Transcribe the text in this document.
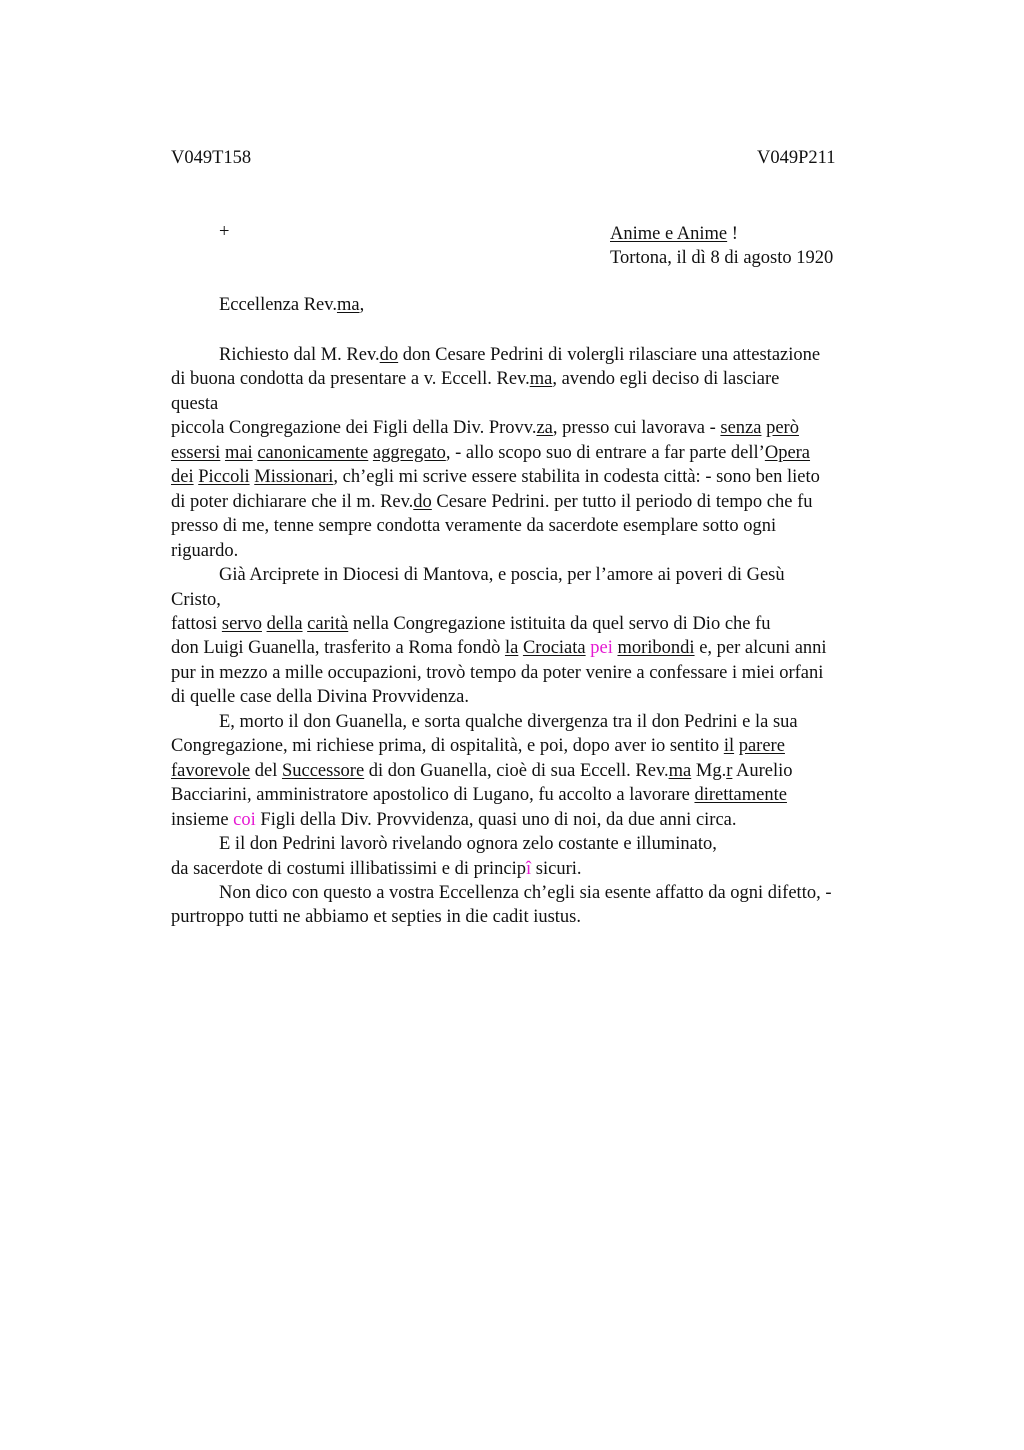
V049T158	V049P211
+	Anime e Anime !
Tortona, il dì 8 di agosto 1920
Eccellenza Rev.ma,
Richiesto dal M. Rev.do don Cesare Pedrini di volergli rilasciare una attestazione
di buona condotta da presentare a v. Eccell. Rev.ma, avendo egli deciso di lasciare
questa
piccola Congregazione dei Figli della Div. Provv.za, presso cui lavorava - senza però
essersi mai canonicamente aggregato, - allo scopo suo di entrare a far parte dell’Opera
dei Piccoli Missionari, ch’egli mi scrive essere stabilita in codesta città: - sono ben lieto
di poter dichiarare che il m. Rev.do Cesare Pedrini. per tutto il periodo di tempo che fu
presso di me, tenne sempre condotta veramente da sacerdote esemplare sotto ogni
riguardo.
Già Arciprete in Diocesi di Mantova, e poscia, per l’amore ai poveri di Gesù
Cristo,
fattosi servo della carità nella Congregazione istituita da quel servo di Dio che fu
don Luigi Guanella, trasferito a Roma fondò la Crociata pei moribondi e, per alcuni anni
pur in mezzo a mille occupazioni, trovò tempo da poter venire a confessare i miei orfani
di quelle case della Divina Provvidenza.
E, morto il don Guanella, e sorta qualche divergenza tra il don Pedrini e la sua
Congregazione, mi richiese prima, di ospitalità, e poi, dopo aver io sentito il parere
favorevole del Successore di don Guanella, cioè di sua Eccell. Rev.ma Mg.r Aurelio
Bacciarini, amministratore apostolico di Lugano, fu accolto a lavorare direttamente
insieme coi Figli della Div. Provvidenza, quasi uno di noi, da due anni circa.
E il don Pedrini lavorò rivelando ognora zelo costante e illuminato,
da sacerdote di costumi illibatissimi e di principî sicuri.
Non dico con questo a vostra Eccellenza ch’egli sia esente affatto da ogni difetto, -
purtroppo tutti ne abbiamo et septies in die cadit iustus.
